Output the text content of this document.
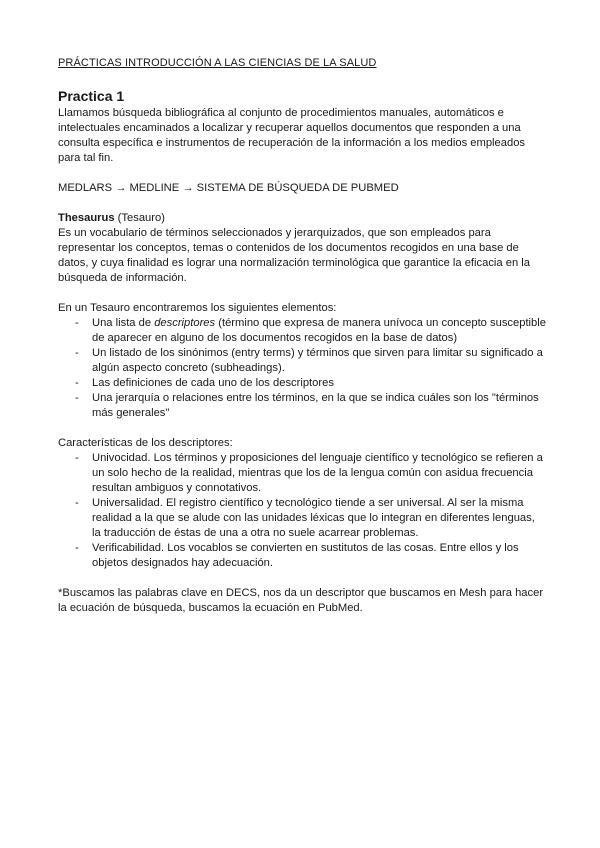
PRÁCTICAS INTRODUCCIÓN A LAS CIENCIAS DE LA SALUD

Practica 1

Llamamos búsqueda bibliográfica al conjunto de procedimientos manuales, automáticos e intelectuales encaminados a localizar y recuperar aquellos documentos que responden a una consulta específica e instrumentos de recuperación de la información a los medios empleados para tal fin.

MEDLARS → MEDLINE → SISTEMA DE BÚSQUEDA DE PUBMED

Thesaurus (Tesauro)

Es un vocabulario de términos seleccionados y jerarquizados, que son empleados para representar los conceptos, temas o contenidos de los documentos recogidos en una base de datos, y cuya finalidad es lograr una normalización terminológica que garantice la eficacia en la búsqueda de información.

En un Tesauro encontraremos los siguientes elementos:

- Una lista de descriptores (término que expresa de manera unívoca un concepto susceptible de aparecer en alguno de los documentos recogidos en la base de datos)
- Un listado de los sinónimos (entry terms) y términos que sirven para limitar su significado a algún aspecto concreto (subheadings).
- Las definiciones de cada uno de los descriptores
- Una jerarquía o relaciones entre los términos, en la que se indica cuáles son los "términos más generales"

Características de los descriptores:

- Univocidad. Los términos y proposiciones del lenguaje científico y tecnológico se refieren a un solo hecho de la realidad, mientras que los de la lengua común con asidua frecuencia resultan ambiguos y connotativos.
- Universalidad. El registro científico y tecnológico tiende a ser universal. Al ser la misma realidad a la que se alude con las unidades léxicas que lo integran en diferentes lenguas, la traducción de éstas de una a otra no suele acarrear problemas.
- Verificabilidad. Los vocablos se convierten en sustitutos de las cosas. Entre ellos y los objetos designados hay adecuación.

*Buscamos las palabras clave en DECS, nos da un descriptor que buscamos en Mesh para hacer la ecuación de búsqueda, buscamos la ecuación en PubMed.
